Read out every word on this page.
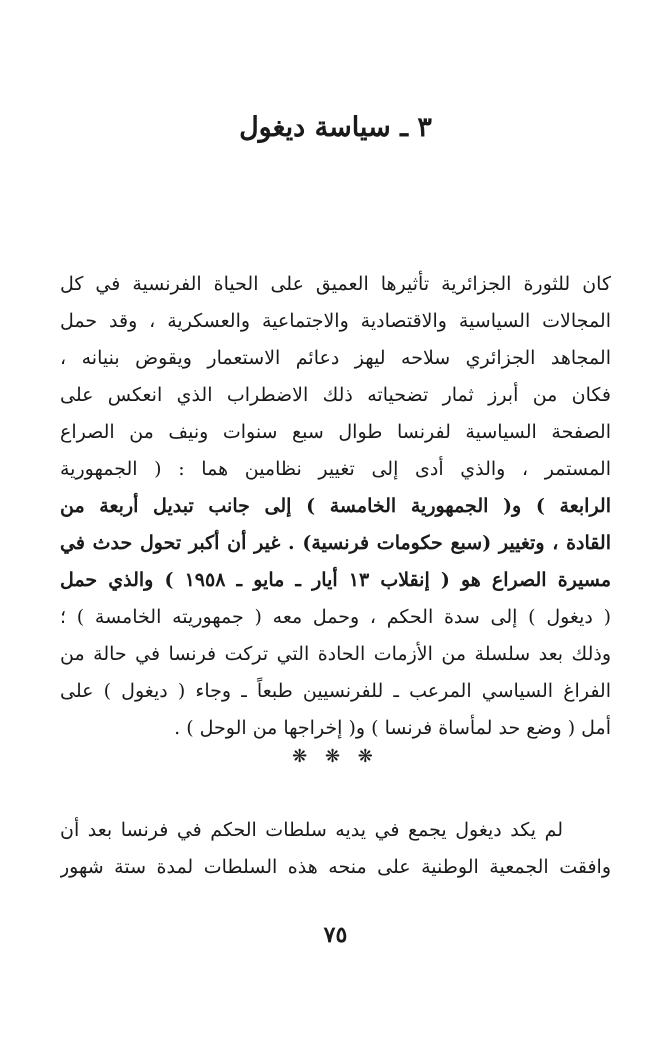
٣ ـ سياسة ديغول
كان للثورة الجزائرية تأثيرها العميق على الحياة الفرنسية في كل
المجالات السياسية والاقتصادية والاجتماعية والعسكرية ، وقد حمل
المجاهد الجزائري سلاحه ليهز دعائم الاستعمار ويقوض بنيانه ،
فكان من أبرز ثمار تضحياته ذلك الاضطراب الذي انعكس على
الصفحة السياسية لفرنسا طوال سبع سنوات ونيف من الصراع
المستمر ، والذي أدى إلى تغيير نظامين هما : ( الجمهورية
الرابعة ) و( الجمهورية الخامسة ) إلى جانب تبديل أربعة من
القادة ، وتغيير (سبع حكومات فرنسية) . غير أن أكبر تحول حدث في
مسيرة الصراع هو ( إنقلاب ١٣ أيار ـ مايو ـ ١٩٥٨ ) والذي حمل
( ديغول ) إلى سدة الحكم ، وحمل معه ( جمهوريته الخامسة ) ؛
وذلك بعد سلسلة من الأزمات الحادة التي تركت فرنسا في حالة من
الفراغ السياسي المرعب ـ للفرنسيين طبعاً ـ وجاء ( ديغول ) على
أمل ( وضع حد لمأساة فرنسا ) و( إخراجها من الوحل ) .
❋ ❋ ❋
لم يكد ديغول يجمع في يديه سلطات الحكم في فرنسا بعد أن
وافقت الجمعية الوطنية على منحه هذه السلطات لمدة ستة شهور
٧٥
